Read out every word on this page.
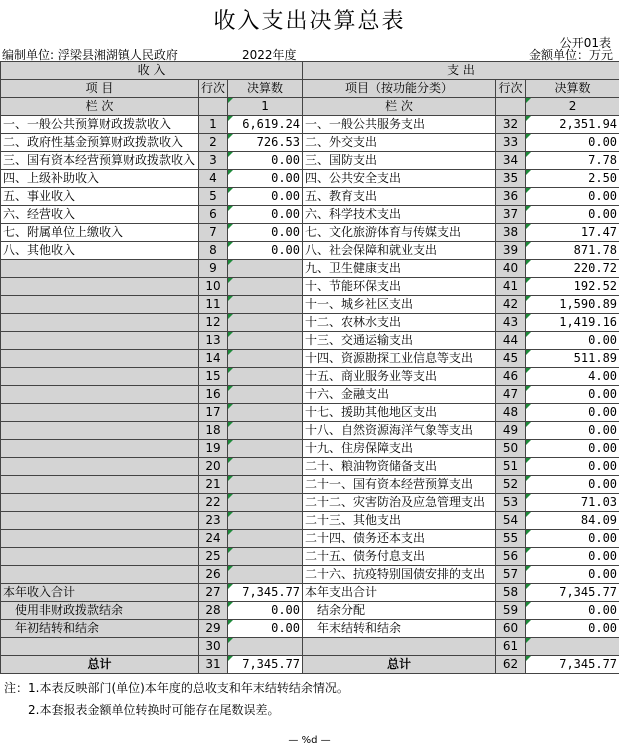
收入支出决算总表
公开01表
编制单位: 浮梁县湘湖镇人民政府	2022年度	金额单位：万元
收 入			支 出		
项 目	行次	决算数	项目（按功能分类）	行次	决算数
栏 次		1	栏 次		2
一、一般公共预算财政拨款收入	1	6,619.24	一、一般公共服务支出	32	2,351.94
二、政府性基金预算财政拨款收入	2	726.53	二、外交支出	33	0.00
三、国有资本经营预算财政拨款收入	3	0.00	三、国防支出	34	7.78
四、上级补助收入	4	0.00	四、公共安全支出	35	2.50
五、事业收入	5	0.00	五、教育支出	36	0.00
六、经营收入	6	0.00	六、科学技术支出	37	0.00
七、附属单位上缴收入	7	0.00	七、文化旅游体育与传媒支出	38	17.47
八、其他收入	8	0.00	八、社会保障和就业支出	39	871.78
	9		九、卫生健康支出	40	220.72
	10		十、节能环保支出	41	192.52
	11		十一、城乡社区支出	42	1,590.89
	12		十二、农林水支出	43	1,419.16
	13		十三、交通运输支出	44	0.00
	14		十四、资源勘探工业信息等支出	45	511.89
	15		十五、商业服务业等支出	46	4.00
	16		十六、金融支出	47	0.00
	17		十七、援助其他地区支出	48	0.00
	18		十八、自然资源海洋气象等支出	49	0.00
	19		十九、住房保障支出	50	0.00
	20		二十、粮油物资储备支出	51	0.00
	21		二十一、国有资本经营预算支出	52	0.00
	22		二十二、灾害防治及应急管理支出	53	71.03
	23		二十三、其他支出	54	84.09
	24		二十四、债务还本支出	55	0.00
	25		二十五、债务付息支出	56	0.00
	26		二十六、抗疫特别国债安排的支出	57	0.00
本年收入合计	27	7,345.77	本年支出合计	58	7,345.77
使用非财政拨款结余	28	0.00	结余分配	59	0.00
年初结转和结余	29	0.00	年末结转和结余	60	0.00
	30			61	
总计	31	7,345.77	总计	62	7,345.77
注：1.本表反映部门(单位)本年度的总收支和年末结转结余情况。
2.本套报表金额单位转换时可能存在尾数误差。
— %d —
